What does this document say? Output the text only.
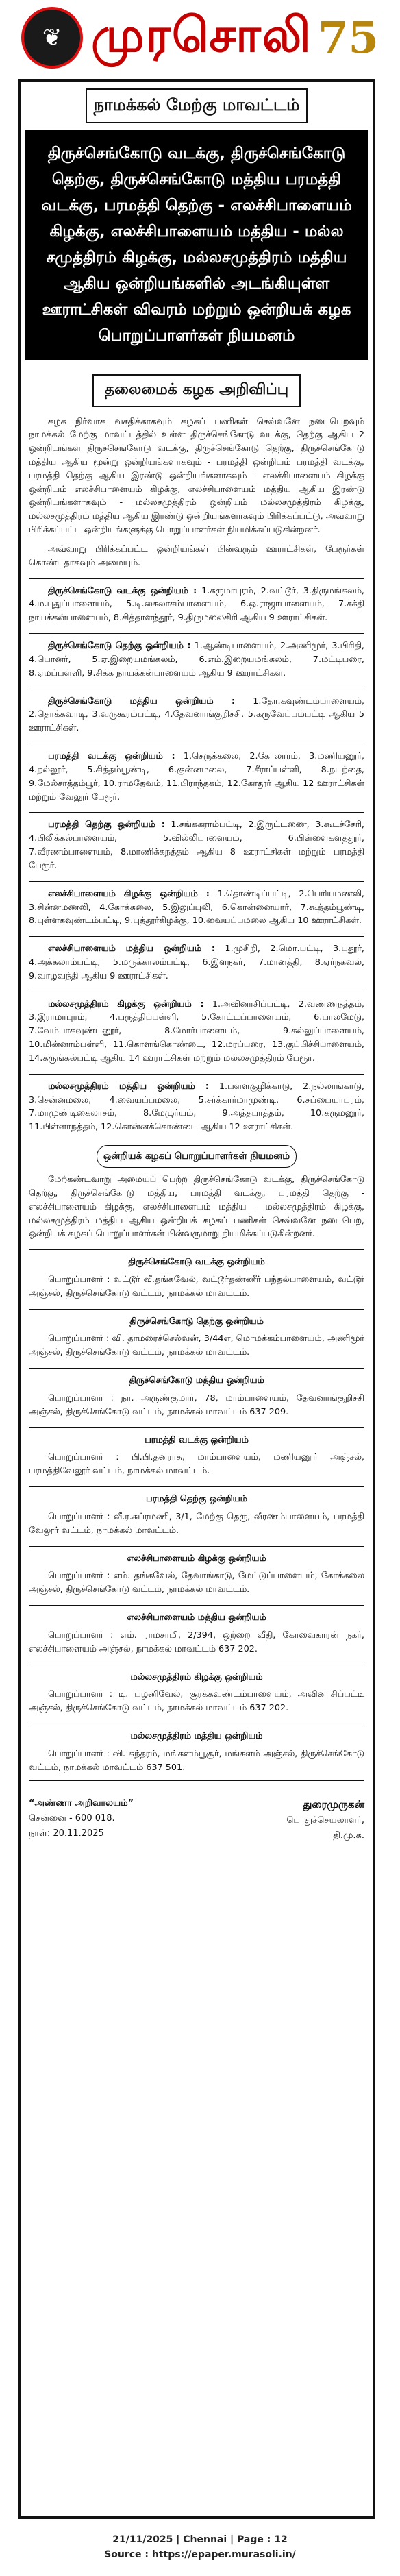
❦ முரசொலி 75
நாமக்கல் மேற்கு மாவட்டம்
திருச்செங்கோடு வடக்கு, திருச்செங்கோடு தெற்கு, திருச்செங்கோடு மத்திய பரமத்தி வடக்கு, பரமத்தி தெற்கு - எலச்சிபாளையம் கிழக்கு, எலச்சிபாளையம் மத்திய - மல்ல சமுத்திரம் கிழக்கு, மல்லசமுத்திரம் மத்திய ஆகிய ஒன்றியங்களில் அடங்கியுள்ள ஊராட்சிகள் விவரம் மற்றும் ஒன்றியக் கழக பொறுப்பாளர்கள் நியமனம்
தலைமைக் கழக அறிவிப்பு

கழக நிர்வாக வசதிக்காகவும் கழகப் பணிகள் செவ்வனே நடைபெறவும் நாமக்கல் மேற்கு மாவட்டத்தில் உள்ள திருச்செங்கோடு வடக்கு, தெற்கு ஆகிய 2 ஒன்றியங்கள் திருச்செங்கோடு வடக்கு, திருச்செங்கோடு தெற்கு, திருச்செங்கோடு மத்திய ஆகிய மூன்று ஒன்றியங்களாகவும் - பரமத்தி ஒன்றியம் பரமத்தி வடக்கு, பரமத்தி தெற்கு ஆகிய இரண்டு ஒன்றியங்களாகவும் - எலச்சிபாளையம் கிழக்கு ஒன்றியம் எலச்சிபாளையம் கிழக்கு, எலச்சிபாளையம் மத்திய ஆகிய இரண்டு ஒன்றியங்களாகவும் - மல்லசமுத்திரம் ஒன்றியம் மல்லசமுத்திரம் கிழக்கு, மல்லசமுத்திரம் மத்திய ஆகிய இரண்டு ஒன்றியங்களாகவும் பிரிக்கப்பட்டு, அவ்வாறு பிரிக்கப்பட்ட ஒன்றியங்களுக்கு பொறுப்பாளர்கள் நியமிக்கப்படுகின்றனர்.

அவ்வாறு பிரிக்கப்பட்ட ஒன்றியங்கள் பின்வரும் ஊராட்சிகள், பேரூர்கள் கொண்டதாகவும் அமையும்.

திருச்செங்கோடு வடக்கு ஒன்றியம் : 1.கருமாபுரம், 2.வட்டூர், 3.திருமங்கலம், 4.ம.புதுப்பாளையம், 5.டி.கைலாசம்பாளையம், 6.ஒ.ராஜாபாளையம், 7.சக்தி நாயக்கன்பாளையம், 8.சித்தாளந்தூர், 9.திருமலைகிரி ஆகிய 9 ஊராட்சிகள்.

திருச்செங்கோடு தெற்கு ஒன்றியம் : 1.ஆண்டிபாளையம், 2.அணிமூர், 3.பிரிதி, 4.பொனர், 5.ஏ.இறையமங்கலம், 6.எம்.இறையமங்கலம், 7.மட்டிபரை, 8.ஏமப்பள்ளி, 9.சிக்க நாயக்கன்பாளையம் ஆகிய 9 ஊராட்சிகள்.

திருச்செங்கோடு மத்திய ஒன்றியம் : 1.தோ.கவுண்டம்பாளையம், 2.தொக்கவாடி, 3.வருகூரம்பட்டி, 4.தேவனாங்குறிச்சி, 5.கருவேப்பம்பட்டி ஆகிய 5 ஊராட்சிகள்.

பரமத்தி வடக்கு ஒன்றியம் : 1.செருக்கலை, 2.கோலாரம், 3.மணியனூர், 4.நல்லூர், 5.சித்தம்பூண்டி, 6.குன்னமலை, 7.சீராப்பள்ளி, 8.நடந்தை, 9.மேல்சாத்தம்பூர், 10.ராமதேவம், 11.பிராந்தகம், 12.கோதூர் ஆகிய 12 ஊராட்சிகள் மற்றும் வேலூர் பேரூர்.

பரமத்தி தெற்கு ஒன்றியம் : 1.சங்ககராம்பட்டி, 2.இருட்டணை, 3.கூடச்சேரி, 4.பிலிக்கல்பாளையம், 5.வில்லிபாளையம், 6.பிள்ளைகளத்தூர், 7.வீரணம்பாளையம், 8.மாணிக்கநத்தம் ஆகிய 8 ஊராட்சிகள் மற்றும் பரமத்தி பேரூர்.

எலச்சிபாளையம் கிழக்கு ஒன்றியம் : 1.தொண்டிப்பட்டி, 2.பெரியமணலி, 3.சின்னமணலி, 4.கோக்கலை, 5.இலுப்புலி, 6.கொன்னையார், 7.கூத்தம்பூண்டி, 8.புள்ளகவுண்டம்பட்டி, 9.புத்தூர்கிழக்கு, 10.வையப்பமலை ஆகிய 10 ஊராட்சிகள்.

எலச்சிபாளையம் மத்திய ஒன்றியம் : 1.முசிறி, 2.மொ.பட்டி, 3.புதூர், 4.அக்கலாம்பட்டி, 5.மருக்காலம்பட்டி, 6.இளநகர், 7.மானத்தி, 8.ஏர்நகவல், 9.வாழவந்தி ஆகிய 9 ஊராட்சிகள்.

மல்லசமுத்திரம் கிழக்கு ஒன்றியம் : 1.அவினாசிப்பட்டி, 2.வண்ணநத்தம், 3.இராமாபுரம், 4.பருத்திப்பள்ளி, 5.கோட்டப்பாளையம், 6.பாலமேடு, 7.வேம்பாகவுண்டனூர், 8.மோர்பாளையம், 9.கல்லுப்பாளையம், 10.மின்னாம்பள்ளி, 11.கொளங்கொண்டை, 12.மரப்பரை, 13.குப்பிச்சிபாளையம், 14.கருங்கல்பட்டி ஆகிய 14 ஊராட்சிகள் மற்றும் மல்லசமுத்திரம் பேரூர்.

மல்லசமுத்திரம் மத்திய ஒன்றியம் : 1.பள்ளகுழிக்காடு, 2.நல்லாங்காடு, 3.சென்னமலை, 4.வையப்பமலை, 5.சர்க்கார்மாமுண்டி, 6.சப்பையாபுரம், 7.மாமுண்டிகைலாசம், 8.மேழுர்யம், 9.அத்தபாத்தம், 10.கருமனூர், 11.பிள்ளாநத்தம், 12.கொன்னக்கொண்டை ஆகிய 12 ஊராட்சிகள்.

ஒன்றியக் கழகப் பொறுப்பாளர்கள் நியமனம்

மேற்கண்டவாறு அமையப் பெற்ற திருச்செங்கோடு வடக்கு, திருச்செங்கோடு தெற்கு, திருச்செங்கோடு மத்திய, பரமத்தி வடக்கு, பரமத்தி தெற்கு - எலச்சிபாளையம் கிழக்கு, எலச்சிபாளையம் மத்திய - மல்லசமுத்திரம் கிழக்கு, மல்லசமுத்திரம் மத்திய ஆகிய ஒன்றியக் கழகப் பணிகள் செவ்வனே நடைபெற, ஒன்றியக் கழகப் பொறுப்பாளர்கள் பின்வருமாறு நியமிக்கப்படுகின்றனர்.

திருச்செங்கோடு வடக்கு ஒன்றியம்

பொறுப்பாளர் : வட்டூர் வீ.தங்கவேல், வட்டூர்தண்ணீர் பந்தல்பாளையம், வட்டூர் அஞ்சல், திருச்செங்கோடு வட்டம், நாமக்கல் மாவட்டம்.

திருச்செங்கோடு தெற்கு ஒன்றியம்

பொறுப்பாளர் : வி. தாமரைச்செல்வன், 3/44எ, மொமக்கம்பாளையம், அணிமூர் அஞ்சல், திருச்செங்கோடு வட்டம், நாமக்கல் மாவட்டம்.

திருச்செங்கோடு மத்திய ஒன்றியம்

பொறுப்பாளர் : நா. அருண்குமார், 78, மாம்பாளையம், தேவனாங்குறிச்சி அஞ்சல், திருச்செங்கோடு வட்டம், நாமக்கல் மாவட்டம் 637 209.

பரமத்தி வடக்கு ஒன்றியம்

பொறுப்பாளர் : பி.பி.தனராசு, மாம்பாளையம், மணியனூர் அஞ்சல், பரமத்திவேலூர் வட்டம், நாமக்கல் மாவட்டம்.

பரமத்தி தெற்கு ஒன்றியம்

பொறுப்பாளர் : வீ.ர.சுப்ரமணி, 3/1, மேற்கு தெரு, வீரணம்பாளையம், பரமத்தி வேலூர் வட்டம், நாமக்கல் மாவட்டம்.

எலச்சிபாளையம் கிழக்கு ஒன்றியம்

பொறுப்பாளர் : எம். தங்கவேல், தேவாங்காடு, மேட்டுப்பாளையம், கோக்கலை அஞ்சல், திருச்செங்கோடு வட்டம், நாமக்கல் மாவட்டம்.

எலச்சிபாளையம் மத்திய ஒன்றியம்

பொறுப்பாளர் : எம். ராமசாமி, 2/394, ஒற்றை வீதி, கோவைகாரன் நகர், எலச்சிபாளையம் அஞ்சல், நாமக்கல் மாவட்டம் 637 202.

மல்லசமுத்திரம் கிழக்கு ஒன்றியம்

பொறுப்பாளர் : டி. பழனிவேல், சூரக்கவுண்டம்பாளையம், அவினாசிப்பட்டி அஞ்சல், திருச்செங்கோடு வட்டம், நாமக்கல் மாவட்டம் 637 202.

மல்லசமுத்திரம் மத்திய ஒன்றியம்

பொறுப்பாளர் : வி. சுந்தரம், மங்களம்பூசூர், மங்களம் அஞ்சல், திருச்செங்கோடு வட்டம், நாமக்கல் மாவட்டம் 637 501.

“அண்ணா அறிவாலயம்”
சென்னை - 600 018.
நாள்: 20.11.2025
துரைமுருகன்
பொதுச்செயலாளர்,
தி.மு.க.
21/11/2025 | Chennai | Page : 12
Source : https://epaper.murasoli.in/
